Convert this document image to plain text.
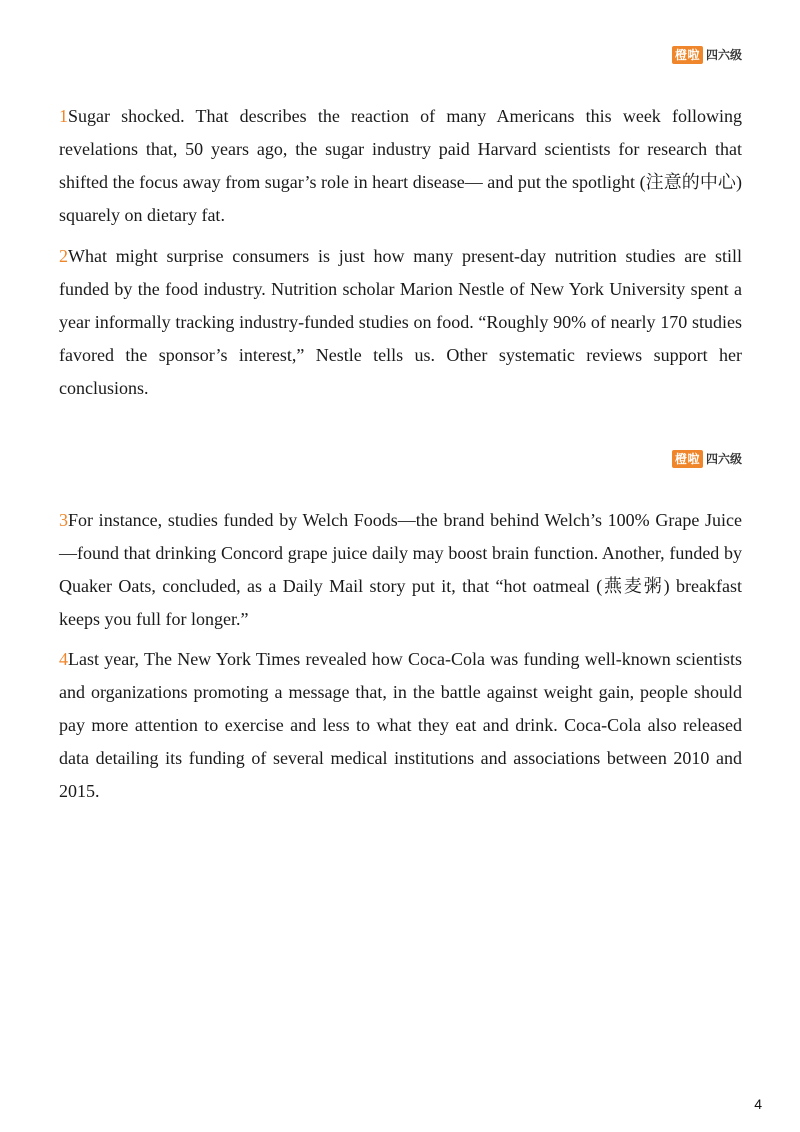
橙啦 四六级

1Sugar shocked. That describes the reaction of many Americans this week following revelations that, 50 years ago, the sugar industry paid Harvard scientists for research that shifted the focus away from sugar’s role in heart disease— and put the spotlight (注意的中心) squarely on dietary fat.

2What might surprise consumers is just how many present-day nutrition studies are still funded by the food industry. Nutrition scholar Marion Nestle of New York University spent a year informally tracking industry-funded studies on food. “Roughly 90% of nearly 170 studies favored the sponsor’s interest,” Nestle tells us. Other systematic reviews support her conclusions.

橙啦 四六级

3For instance, studies funded by Welch Foods—the brand behind Welch’s 100% Grape Juice—found that drinking Concord grape juice daily may boost brain function. Another, funded by Quaker Oats, concluded, as a Daily Mail story put it, that “hot oatmeal (燕麦粥) breakfast keeps you full for longer.”

4Last year, The New York Times revealed how Coca-Cola was funding well-known scientists and organizations promoting a message that, in the battle against weight gain, people should pay more attention to exercise and less to what they eat and drink. Coca-Cola also released data detailing its funding of several medical institutions and associations between 2010 and 2015.

4
